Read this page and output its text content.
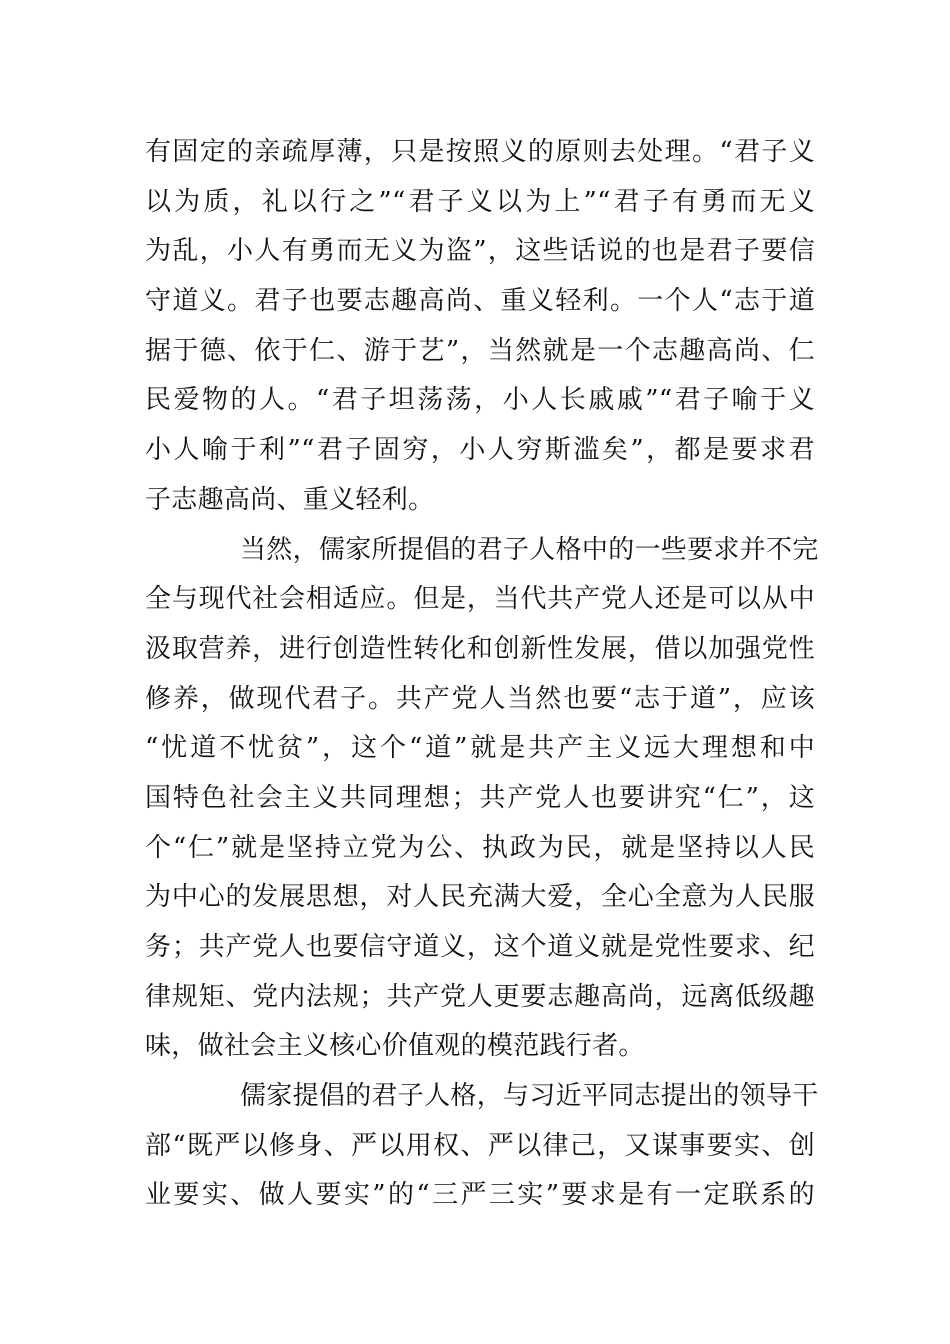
有固定的亲疏厚薄，只是按照义的原则去处理。“君子义
以为质，礼以行之”“君子义以为上”“君子有勇而无义
为乱，小人有勇而无义为盗”，这些话说的也是君子要信
守道义。君子也要志趣高尚、重义轻利。一个人“志于道
据于德、依于仁、游于艺”，当然就是一个志趣高尚、仁
民爱物的人。“君子坦荡荡，小人长戚戚”“君子喻于义
小人喻于利”“君子固穷，小人穷斯滥矣”，都是要求君
子志趣高尚、重义轻利。
当然，儒家所提倡的君子人格中的一些要求并不完
全与现代社会相适应。但是，当代共产党人还是可以从中
汲取营养，进行创造性转化和创新性发展，借以加强党性
修养，做现代君子。共产党人当然也要“志于道”，应该
“忧道不忧贫”，这个“道”就是共产主义远大理想和中
国特色社会主义共同理想；共产党人也要讲究“仁”，这
个“仁”就是坚持立党为公、执政为民，就是坚持以人民
为中心的发展思想，对人民充满大爱，全心全意为人民服
务；共产党人也要信守道义，这个道义就是党性要求、纪
律规矩、党内法规；共产党人更要志趣高尚，远离低级趣
味，做社会主义核心价值观的模范践行者。
儒家提倡的君子人格，与习近平同志提出的领导干
部“既严以修身、严以用权、严以律己，又谋事要实、创
业要实、做人要实”的“三严三实”要求是有一定联系的
